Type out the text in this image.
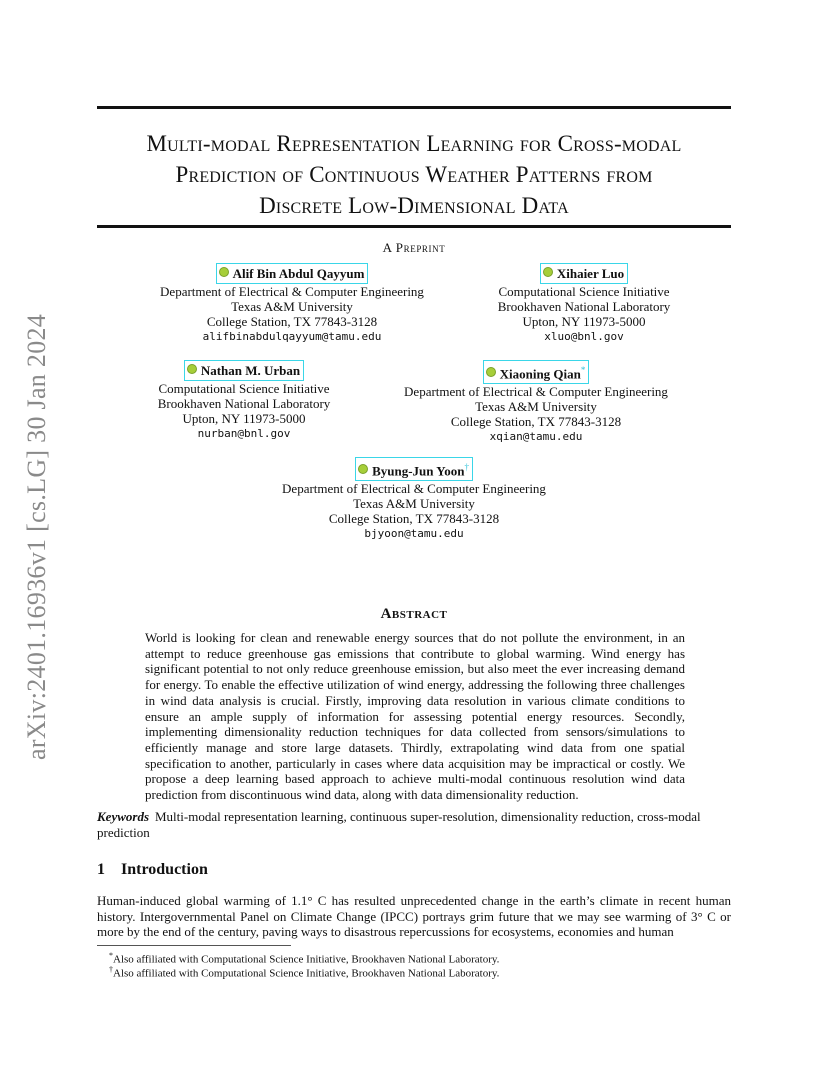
arXiv:2401.16936v1 [cs.LG] 30 Jan 2024
Multi-modal Representation Learning for Cross-modal
Prediction of Continuous Weather Patterns from
Discrete Low-Dimensional Data
A Preprint
Alif Bin Abdul Qayyum
Department of Electrical & Computer Engineering
Texas A&M University
College Station, TX 77843-3128
alifbinabdulqayyum@tamu.edu
Xihaier Luo
Computational Science Initiative
Brookhaven National Laboratory
Upton, NY 11973-5000
xluo@bnl.gov
Nathan M. Urban
Computational Science Initiative
Brookhaven National Laboratory
Upton, NY 11973-5000
nurban@bnl.gov
Xiaoning Qian*
Department of Electrical & Computer Engineering
Texas A&M University
College Station, TX 77843-3128
xqian@tamu.edu
Byung-Jun Yoon†
Department of Electrical & Computer Engineering
Texas A&M University
College Station, TX 77843-3128
bjyoon@tamu.edu
Abstract
World is looking for clean and renewable energy sources that do not pollute the environment, in an attempt to reduce greenhouse gas emissions that contribute to global warming. Wind energy has significant potential to not only reduce greenhouse emission, but also meet the ever increasing demand for energy. To enable the effective utilization of wind energy, addressing the following three challenges in wind data analysis is crucial. Firstly, improving data resolution in various climate conditions to ensure an ample supply of information for assessing potential energy resources. Secondly, implementing dimensionality reduction techniques for data collected from sensors/simulations to efficiently manage and store large datasets. Thirdly, extrapolating wind data from one spatial specification to another, particularly in cases where data acquisition may be impractical or costly. We propose a deep learning based approach to achieve multi-modal continuous resolution wind data prediction from discontinuous wind data, along with data dimensionality reduction.
Keywords Multi-modal representation learning, continuous super-resolution, dimensionality reduction, cross-modal prediction
1 Introduction
Human-induced global warming of 1.1° C has resulted unprecedented change in the earth’s climate in recent human history. Intergovernmental Panel on Climate Change (IPCC) portrays grim future that we may see warming of 3° C or more by the end of the century, paving ways to disastrous repercussions for ecosystems, economies and human
*Also affiliated with Computational Science Initiative, Brookhaven National Laboratory.
†Also affiliated with Computational Science Initiative, Brookhaven National Laboratory.
